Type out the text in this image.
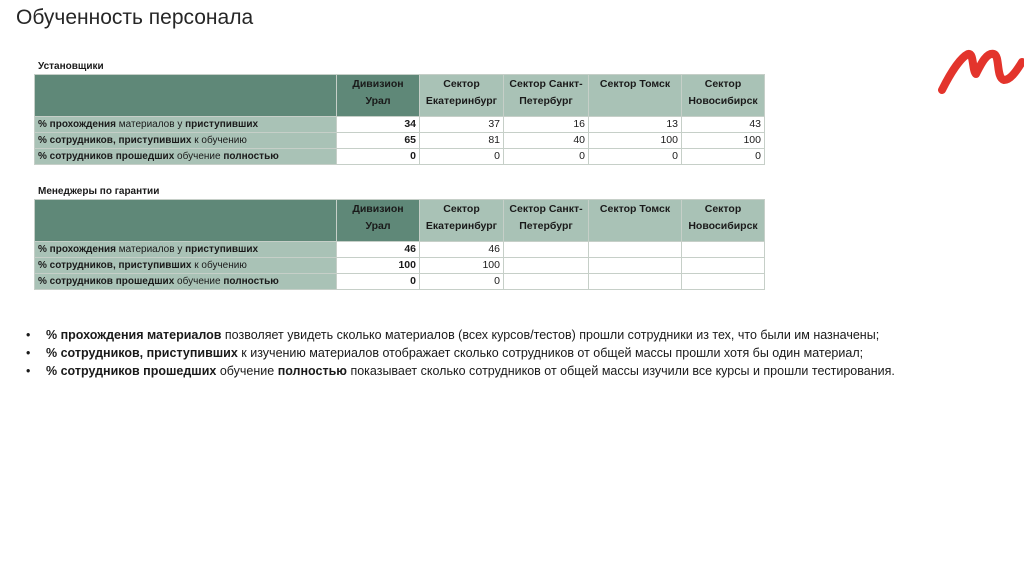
Обученность персонала
Установщики
	Дивизион Урал	Сектор Екатеринбург	Сектор Санкт-Петербург	Сектор Томск	Сектор Новосибирск
% прохождения материалов у приступивших	34	37	16	13	43
% сотрудников, приступивших к обучению	65	81	40	100	100
% сотрудников прошедших обучение полностью	0	0	0	0	0
Менеджеры по гарантии
	Дивизион Урал	Сектор Екатеринбург	Сектор Санкт-Петербург	Сектор Томск	Сектор Новосибирск
% прохождения материалов у приступивших	46	46			
% сотрудников, приступивших к обучению	100	100			
% сотрудников прошедших обучение полностью	0	0			
• % прохождения материалов позволяет увидеть сколько материалов (всех курсов/тестов) прошли сотрудники из тех, что были им назначены;
• % сотрудников, приступивших к изучению материалов отображает сколько сотрудников от общей массы прошли хотя бы один материал;
• % сотрудников прошедших обучение полностью показывает сколько сотрудников от общей массы изучили все курсы и прошли тестирования.
